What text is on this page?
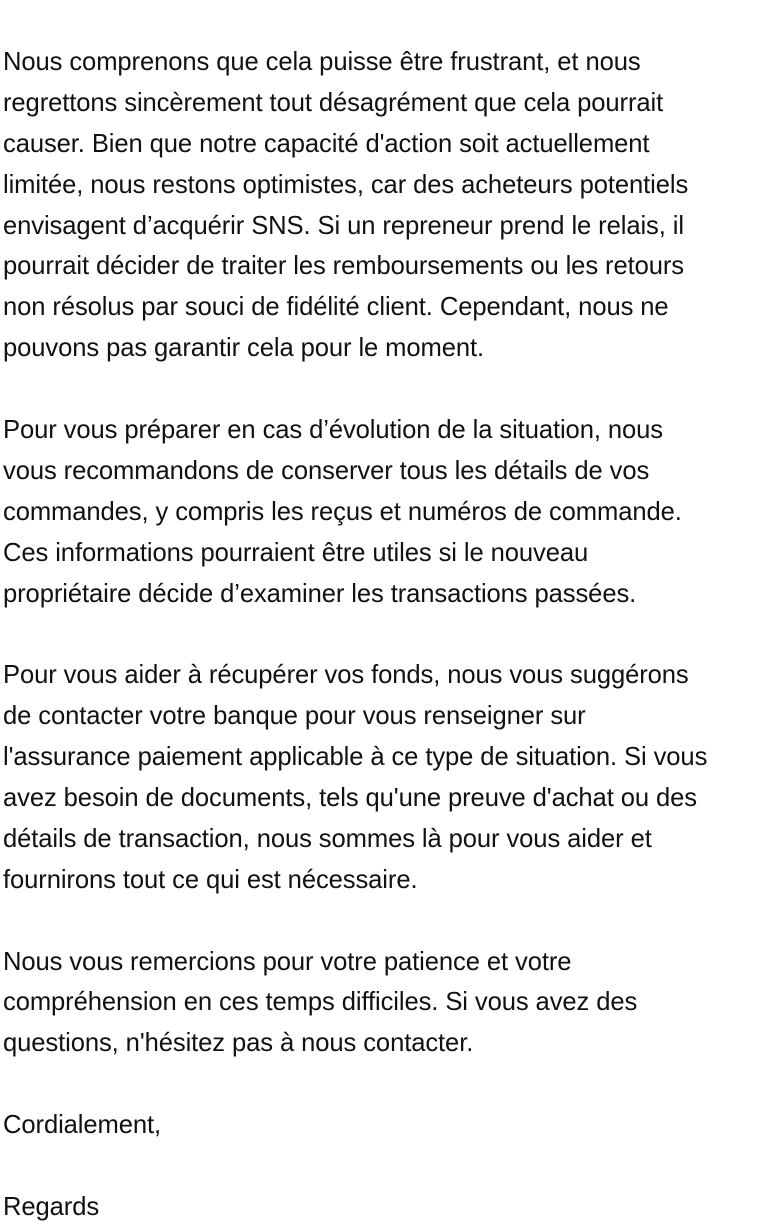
Nous comprenons que cela puisse être frustrant, et nous
regrettons sincèrement tout désagrément que cela pourrait
causer. Bien que notre capacité d'action soit actuellement
limitée, nous restons optimistes, car des acheteurs potentiels
envisagent d’acquérir SNS. Si un repreneur prend le relais, il
pourrait décider de traiter les remboursements ou les retours
non résolus par souci de fidélité client. Cependant, nous ne
pouvons pas garantir cela pour le moment.
Pour vous préparer en cas d’évolution de la situation, nous
vous recommandons de conserver tous les détails de vos
commandes, y compris les reçus et numéros de commande.
Ces informations pourraient être utiles si le nouveau
propriétaire décide d’examiner les transactions passées.
Pour vous aider à récupérer vos fonds, nous vous suggérons
de contacter votre banque pour vous renseigner sur
l'assurance paiement applicable à ce type de situation. Si vous
avez besoin de documents, tels qu'une preuve d'achat ou des
détails de transaction, nous sommes là pour vous aider et
fournirons tout ce qui est nécessaire.
Nous vous remercions pour votre patience et votre
compréhension en ces temps difficiles. Si vous avez des
questions, n'hésitez pas à nous contacter.
Cordialement,
Regards
